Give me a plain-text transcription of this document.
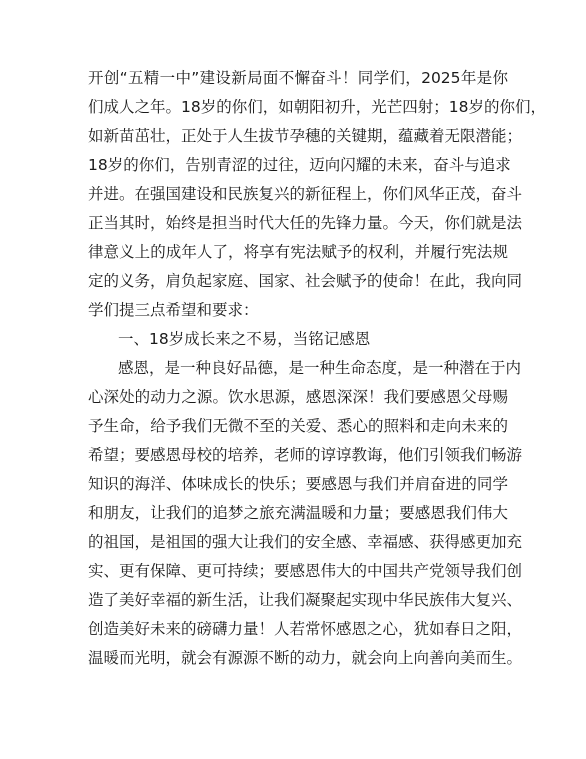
开创“五精一中”建设新局面不懈奋斗！同学们，2025年是你
们成人之年。18岁的你们，如朝阳初升，光芒四射；18岁的你们，
如新苗茁壮，正处于人生拔节孕穗的关键期，蕴藏着无限潜能；
18岁的你们，告别青涩的过往，迈向闪耀的未来，奋斗与追求
并进。在强国建设和民族复兴的新征程上，你们风华正茂，奋斗
正当其时，始终是担当时代大任的先锋力量。今天，你们就是法
律意义上的成年人了，将享有宪法赋予的权利，并履行宪法规
定的义务，肩负起家庭、国家、社会赋予的使命！在此，我向同
学们提三点希望和要求：
一、18岁成长来之不易，当铭记感恩
感恩，是一种良好品德，是一种生命态度，是一种潜在于内
心深处的动力之源。饮水思源，感恩深深！我们要感恩父母赐
予生命，给予我们无微不至的关爱、悉心的照料和走向未来的
希望；要感恩母校的培养，老师的谆谆教诲，他们引领我们畅游
知识的海洋、体味成长的快乐；要感恩与我们并肩奋进的同学
和朋友，让我们的追梦之旅充满温暖和力量；要感恩我们伟大
的祖国，是祖国的强大让我们的安全感、幸福感、获得感更加充
实、更有保障、更可持续；要感恩伟大的中国共产党领导我们创
造了美好幸福的新生活，让我们凝聚起实现中华民族伟大复兴、
创造美好未来的磅礴力量！人若常怀感恩之心，犹如春日之阳，
温暖而光明，就会有源源不断的动力，就会向上向善向美而生。
